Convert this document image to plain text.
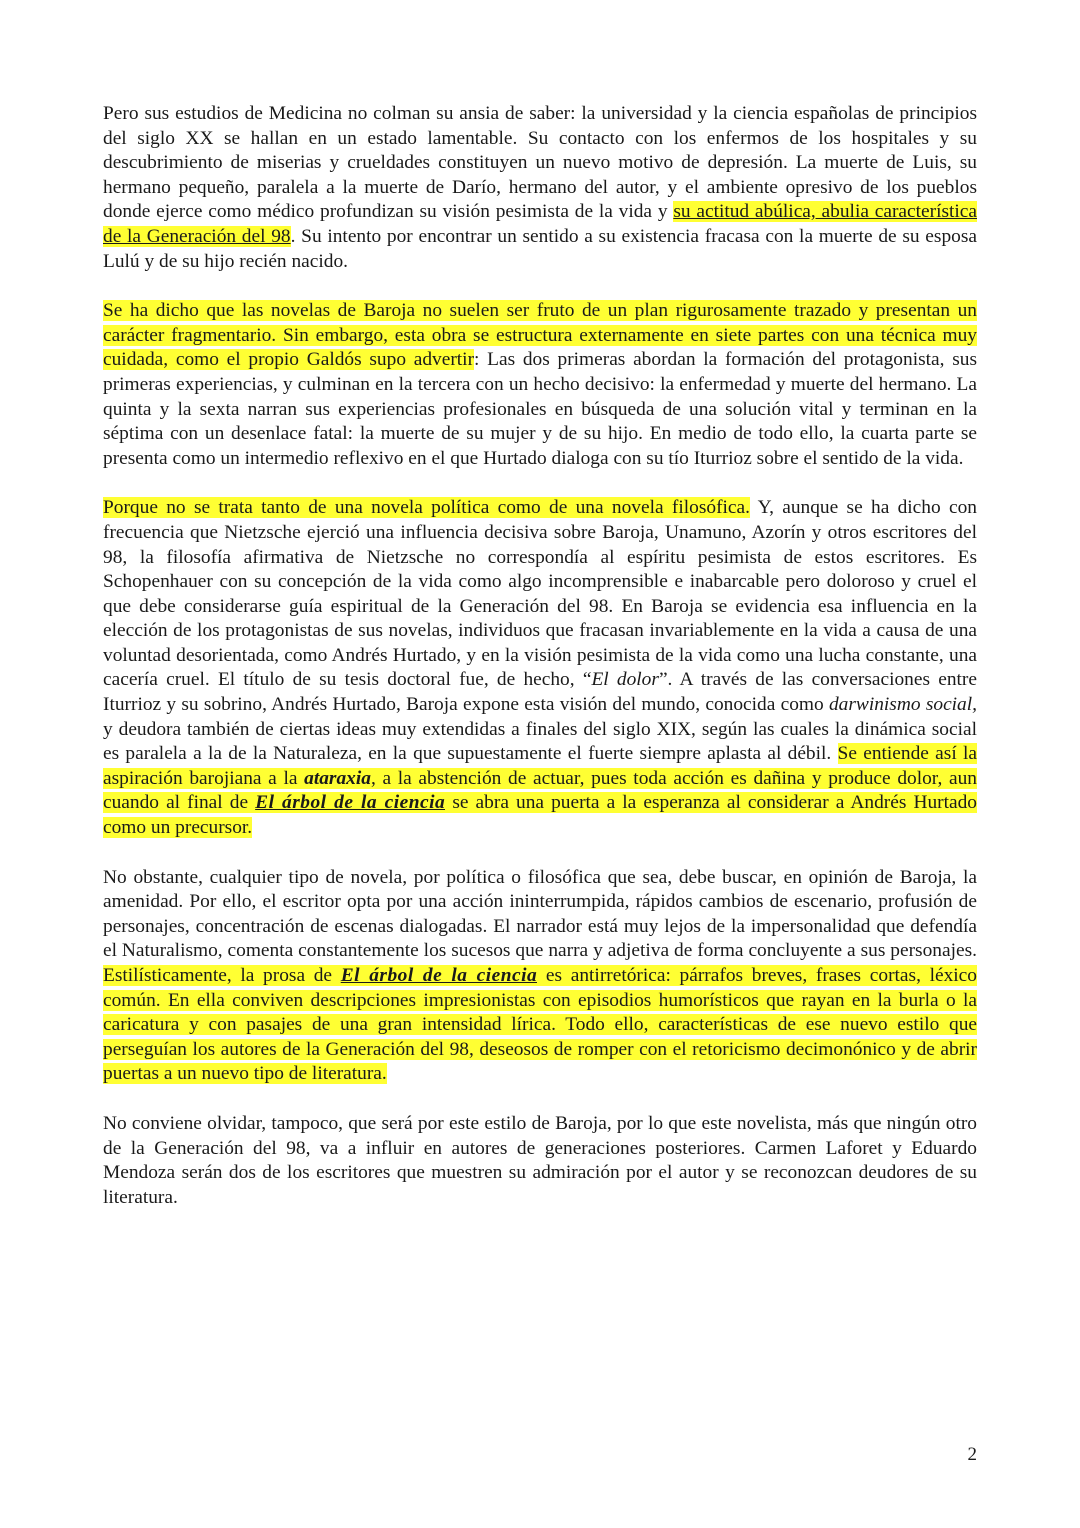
Pero sus estudios de Medicina no colman su ansia de saber: la universidad y la ciencia españolas de principios del siglo XX se hallan en un estado lamentable. Su contacto con los enfermos de los hospitales y su descubrimiento de miserias y crueldades constituyen un nuevo motivo de depresión. La muerte de Luis, su hermano pequeño, paralela a la muerte de Darío, hermano del autor, y el ambiente opresivo de los pueblos donde ejerce como médico profundizan su visión pesimista de la vida y su actitud abúlica, abulia característica de la Generación del 98. Su intento por encontrar un sentido a su existencia fracasa con la muerte de su esposa Lulú y de su hijo recién nacido.

Se ha dicho que las novelas de Baroja no suelen ser fruto de un plan rigurosamente trazado y presentan un carácter fragmentario. Sin embargo, esta obra se estructura externamente en siete partes con una técnica muy cuidada, como el propio Galdós supo advertir: Las dos primeras abordan la formación del protagonista, sus primeras experiencias, y culminan en la tercera con un hecho decisivo: la enfermedad y muerte del hermano. La quinta y la sexta narran sus experiencias profesionales en búsqueda de una solución vital y terminan en la séptima con un desenlace fatal: la muerte de su mujer y de su hijo. En medio de todo ello, la cuarta parte se presenta como un intermedio reflexivo en el que Hurtado dialoga con su tío Iturrioz sobre el sentido de la vida.

Porque no se trata tanto de una novela política como de una novela filosófica. Y, aunque se ha dicho con frecuencia que Nietzsche ejerció una influencia decisiva sobre Baroja, Unamuno, Azorín y otros escritores del 98, la filosofía afirmativa de Nietzsche no correspondía al espíritu pesimista de estos escritores. Es Schopenhauer con su concepción de la vida como algo incomprensible e inabarcable pero doloroso y cruel el que debe considerarse guía espiritual de la Generación del 98. En Baroja se evidencia esa influencia en la elección de los protagonistas de sus novelas, individuos que fracasan invariablemente en la vida a causa de una voluntad desorientada, como Andrés Hurtado, y en la visión pesimista de la vida como una lucha constante, una cacería cruel. El título de su tesis doctoral fue, de hecho, “El dolor”. A través de las conversaciones entre Iturrioz y su sobrino, Andrés Hurtado, Baroja expone esta visión del mundo, conocida como darwinismo social, y deudora también de ciertas ideas muy extendidas a finales del siglo XIX, según las cuales la dinámica social es paralela a la de la Naturaleza, en la que supuestamente el fuerte siempre aplasta al débil. Se entiende así la aspiración barojiana a la ataraxia, a la abstención de actuar, pues toda acción es dañina y produce dolor, aun cuando al final de El árbol de la ciencia se abra una puerta a la esperanza al considerar a Andrés Hurtado como un precursor.

No obstante, cualquier tipo de novela, por política o filosófica que sea, debe buscar, en opinión de Baroja, la amenidad. Por ello, el escritor opta por una acción ininterrumpida, rápidos cambios de escenario, profusión de personajes, concentración de escenas dialogadas. El narrador está muy lejos de la impersonalidad que defendía el Naturalismo, comenta constantemente los sucesos que narra y adjetiva de forma concluyente a sus personajes. Estilísticamente, la prosa de El árbol de la ciencia es antirretórica: párrafos breves, frases cortas, léxico común. En ella conviven descripciones impresionistas con episodios humorísticos que rayan en la burla o la caricatura y con pasajes de una gran intensidad lírica. Todo ello, características de ese nuevo estilo que perseguían los autores de la Generación del 98, deseosos de romper con el retoricismo decimonónico y de abrir puertas a un nuevo tipo de literatura.

No conviene olvidar, tampoco, que será por este estilo de Baroja, por lo que este novelista, más que ningún otro de la Generación del 98, va a influir en autores de generaciones posteriores. Carmen Laforet y Eduardo Mendoza serán dos de los escritores que muestren su admiración por el autor y se reconozcan deudores de su literatura.

2
